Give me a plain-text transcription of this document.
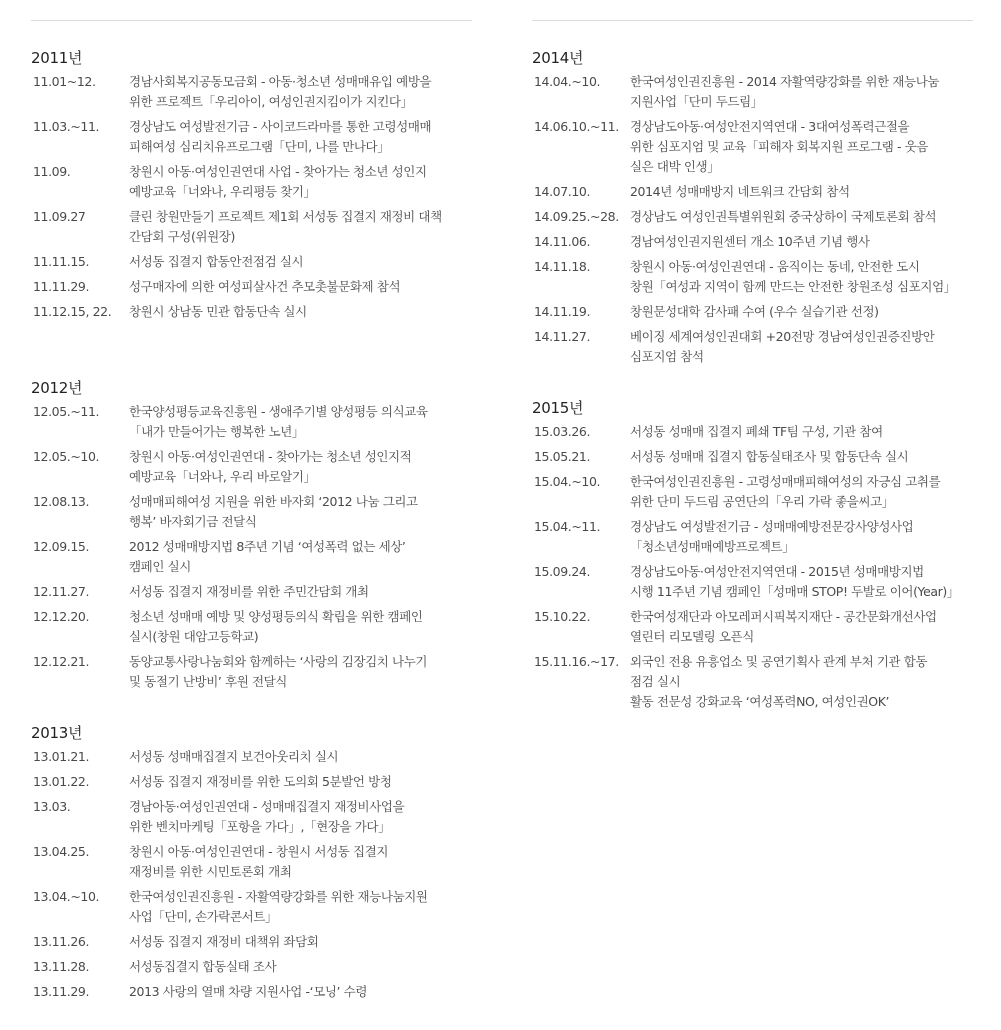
2011년
11.01~12.	경남사회복지공동모금회 - 아동·청소년 성매매유입 예방을
위한 프로젝트「우리아이, 여성인권지킴이가 지킨다」
11.03.~11. 경상남도 여성발전기금 - 사이코드라마를 통한 고령성매매
피해여성 심리치유프로그램「단미, 나를 만나다」
11.09.	창원시 아동·여성인권연대 사업 - 찾아가는 청소년 성인지
예방교육「너와나, 우리평등 찾기」
11.09.27	클린 창원만들기 프로젝트 제1회 서성동 집결지 재정비 대책
간담회 구성(위원장)
11.11.15.	서성동 집결지 합동안전점검 실시
11.11.29.	성구매자에 의한 여성피살사건 추모촛불문화제 참석
11.12.15, 22. 창원시 상남동 민관 합동단속 실시
2012년
12.05.~11. 한국양성평등교육진흥원 - 생애주기별 양성평등 의식교육
「내가 만들어가는 행복한 노년」
12.05.~10. 창원시 아동·여성인권연대 - 찾아가는 청소년 성인지적
예방교육「너와나, 우리 바로알기」
12.08.13.	성매매피해여성 지원을 위한 바자회 ‘2012 나눔 그리고
행복’ 바자회기금 전달식
12.09.15.	2012 성매매방지법 8주년 기념 ‘여성폭력 없는 세상’
캠페인 실시
12.11.27.	서성동 집결지 재정비를 위한 주민간담회 개최
12.12.20.	청소년 성매매 예방 및 양성평등의식 확립을 위한 캠페인
실시(창원 대암고등학교)
12.12.21.	동양교통사랑나눔회와 함께하는 ‘사랑의 김장김치 나누기
및 동절기 난방비’ 후원 전달식
2013년
13.01.21.	서성동 성매매집결지 보건아웃리치 실시
13.01.22.	서성동 집결지 재정비를 위한 도의회 5분발언 방청
13.03.	경남아동·여성인권연대 - 성매매집결지 재정비사업을
위한 벤치마케팅「포항을 가다」,「현장을 가다」
13.04.25.	창원시 아동·여성인권연대 - 창원시 서성동 집결지
재정비를 위한 시민토론회 개최
13.04.~10. 한국여성인권진흥원 - 자활역량강화를 위한 재능나눔지원
사업「단미, 손가락콘서트」
13.11.26.	서성동 집결지 재정비 대책위 좌담회
13.11.28.	서성동집결지 합동실태 조사
13.11.29.	2013 사랑의 열매 차량 지원사업 -‘모닝’ 수령
2014년
14.04.~10. 한국여성인권진흥원 - 2014 자활역량강화를 위한 재능나눔
지원사업「단미 두드림」
14.06.10.~11. 경상남도아동·여성안전지역연대 - 3대여성폭력근절을
위한 심포지엄 및 교육「피해자 회복지원 프로그램 - 웃음
실은 대박 인생」
14.07.10.	2014년 성매매방지 네트워크 간담회 참석
14.09.25.~28. 경상남도 여성인권특별위원회 중국상하이 국제토론회 참석
14.11.06.	경남여성인권지원센터 개소 10주년 기념 행사
14.11.18.	창원시 아동·여성인권연대 - 움직이는 동네, 안전한 도시
창원「여성과 지역이 함께 만드는 안전한 창원조성 심포지엄」
14.11.19.	창원문성대학 감사패 수여 (우수 실습기관 선정)
14.11.27.	베이징 세계여성인권대회 +20전망 경남여성인권증진방안
심포지엄 참석
2015년
15.03.26.	서성동 성매매 집결지 폐쇄 TF팀 구성, 기관 참여
15.05.21.	서성동 성매매 집결지 합동실태조사 및 합동단속 실시
15.04.~10. 한국여성인권진흥원 - 고령성매매피해여성의 자긍심 고취를
위한 단미 두드림 공연단의「우리 가락 좋을씨고」
15.04.~11. 경상남도 여성발전기금 - 성매매예방전문강사양성사업
「청소년성매매예방프로젝트」
15.09.24.	경상남도아동·여성안전지역연대 - 2015년 성매매방지법
시행 11주년 기념 캠페인「성매매 STOP! 두발로 이어(Year)」
15.10.22.	한국여성재단과 아모레퍼시픽복지재단 - 공간문화개선사업
열린터 리모델링 오픈식
15.11.16.~17. 외국인 전용 유흥업소 및 공연기획사 관계 부처 기관 합동
점검 실시
활동 전문성 강화교육 ‘여성폭력NO, 여성인권OK’
